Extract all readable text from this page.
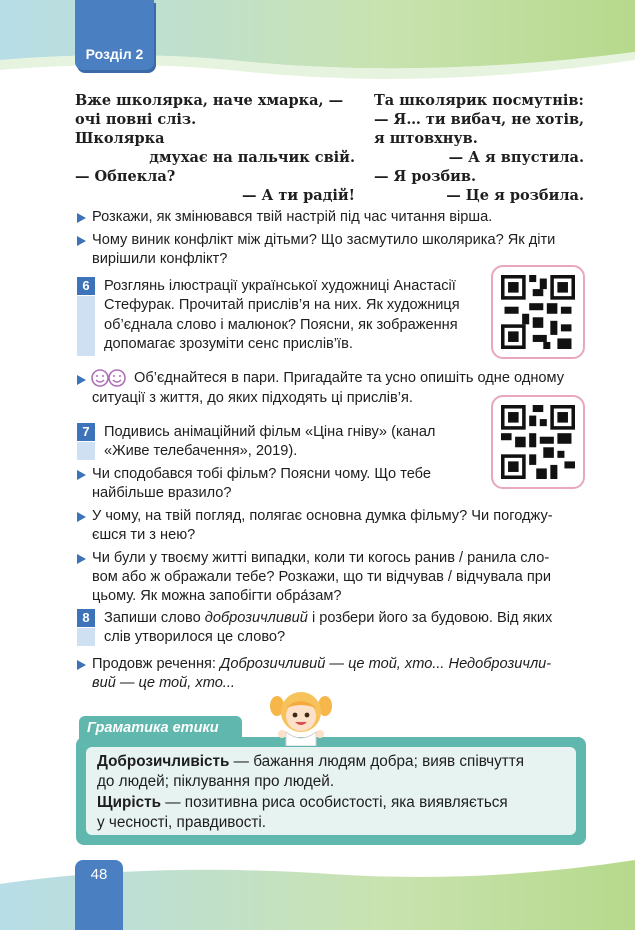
Розділ 2
Вже школярка, наче хмарка, —
очі повні сліз.
Школярка
дмухає на пальчик свій.
— Обпекла?
— А ти радій!
Та школярик посмутнів:
— Я… ти вибач, не хотів,
я штовхнув.
— А я впустила.
— Я розбив.
— Це я розбила.
Розкажи, як змінювався твій настрій під час читання вірша.
Чому виник конфлікт між дітьми? Що засмутило школярика? Як діти
вирішили конфлікт?
6 Розглянь ілюстрації української художниці Анастасії
Стефурак. Прочитай прислів’я на них. Як художниця
об’єднала слово і малюнок? Поясни, як зображення
допомагає зрозуміти сенс прислів’їв.
Об’єднайтеся в пари. Пригадайте та усно опишіть одне одному
ситуації з життя, до яких підходять ці прислів’я.
7 Подивись анімаційний фільм «Ціна гніву» (канал
«Живе телебачення», 2019).
Чи сподобався тобі фільм? Поясни чому. Що тебе
найбільше вразило?
У чому, на твій погляд, полягає основна думка фільму? Чи погоджу-
єшся ти з нею?
Чи були у твоєму житті випадки, коли ти когось ранив / ранила сло-
вом або ж ображали тебе? Розкажи, що ти відчував / відчувала при
цьому. Як можна запобігти обра́зам?
8 Запиши слово доброзичливий і розбери його за будовою. Від яких
слів утворилося це слово?
Продовж речення: Доброзичливий — це той, хто... Недоброзичли-
вий — це той, хто...
Граматика етики
Доброзичливість — бажання людям добра; вияв співчуття
до людей; піклування про людей.
Щирість — позитивна риса особистості, яка виявляється
у чесності, правдивості.
48
